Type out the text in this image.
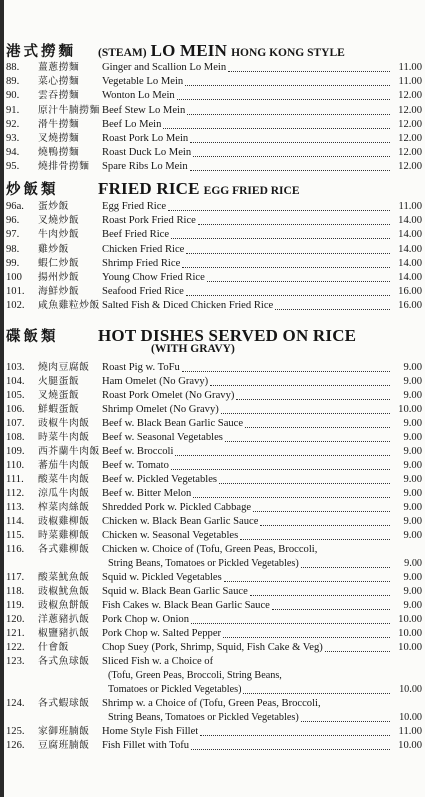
港式撈麵	(STEAM) LO MEIN HONG KONG STYLE
88.	薑蔥撈麵	Ginger and Scallion Lo Mein	11.00
89.	菜心撈麵	Vegetable Lo Mein	11.00
90.	雲吞撈麵	Wonton Lo Mein	12.00
91.	原汁牛腩撈麵 Beef Stew Lo Mein	12.00
92.	滑牛撈麵	Beef Lo Mein	12.00
93.	叉燒撈麵	Roast Pork Lo Mein	12.00
94.	燒鴨撈麵	Roast Duck Lo Mein	12.00
95.	燒排骨撈麵	Spare Ribs Lo Mein	12.00
炒飯類	FRIED RICE EGG FRIED RICE
96a.	蛋炒飯	Egg Fried Rice	11.00
96.	叉燒炒飯	Roast Pork Fried Rice	14.00
97.	牛肉炒飯	Beef Fried Rice	14.00
98.	雞炒飯	Chicken Fried Rice	14.00
99.	蝦仁炒飯	Shrimp Fried Rice	14.00
100	揚州炒飯	Young Chow Fried Rice	14.00
101.	海鮮炒飯	Seafood Fried Rice	16.00
102.	咸魚雞粒炒飯 Salted Fish & Diced Chicken Fried Rice	16.00
碟飯類	HOT DISHES SERVED ON RICE
(WITH GRAVY)
103.	燒肉豆腐飯	Roast Pig w. ToFu	9.00
104.	火腿蛋飯	Ham Omelet (No Gravy)	9.00
105.	叉燒蛋飯	Roast Pork Omelet (No Gravy)	9.00
106.	鮮蝦蛋飯	Shrimp Omelet (No Gravy)	10.00
107.	豉椒牛肉飯	Beef w. Black Bean Garlic Sauce	9.00
108.	時菜牛肉飯	Beef w. Seasonal Vegetables	9.00
109.	西芥蘭牛肉飯 Beef w. Broccoli	9.00
110.	蕃茄牛肉飯	Beef w. Tomato	9.00
111.	酸菜牛肉飯	Beef w. Pickled Vegetables	9.00
112.	涼瓜牛肉飯	Beef w. Bitter Melon	9.00
113.	榨菜肉絲飯	Shredded Pork w. Pickled Cabbage	9.00
114.	豉椒雞柳飯	Chicken w. Black Bean Garlic Sauce	9.00
115.	時菜雞柳飯	Chicken w. Seasonal Vegetables	9.00
116.	各式雞柳飯	Chicken w. Choice of (Tofu, Green Peas, Broccoli,
String Beans, Tomatoes or Pickled Vegetables)	9.00
117.	酸菜魷魚飯	Squid w. Pickled Vegetables	9.00
118.	豉椒魷魚飯	Squid w. Black Bean Garlic Sauce	9.00
119.	豉椒魚餅飯	Fish Cakes w. Black Bean Garlic Sauce	9.00
120.	洋蔥豬扒飯	Pork Chop w. Onion	10.00
121.	椒鹽豬扒飯	Pork Chop w. Salted Pepper	10.00
122.	什會飯	Chop Suey (Pork, Shrimp, Squid, Fish Cake & Veg)	10.00
123.	各式魚球飯	Sliced Fish w. a Choice of
(Tofu, Green Peas, Broccoli, String Beans,
Tomatoes or Pickled Vegetables)	10.00
124.	各式蝦球飯	Shrimp w. a Choice of (Tofu, Green Peas, Broccoli,
String Beans, Tomatoes or Pickled Vegetables)	10.00
125.	家御班腩飯	Home Style Fish Fillet	11.00
126.	豆腐班腩飯	Fish Fillet with Tofu	10.00
